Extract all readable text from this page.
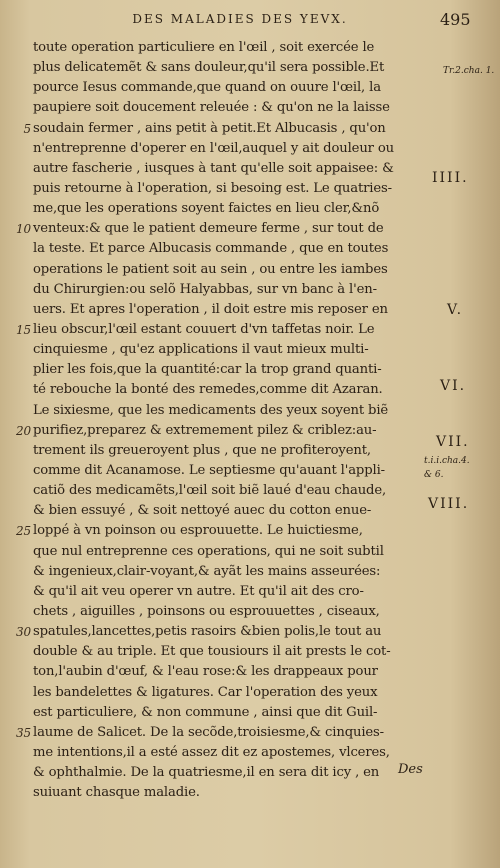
DES MALADIES DES YEVX.	495
toute operation particuliere en l'œil , soit exercée le
plus delicatemẽt & sans douleur,qu'il sera possible.Et
pource Iesus commande,que quand on ouure l'œil, la
paupiere soit doucement releuée : & qu'on ne la laisse
5 soudain fermer , ains petit à petit.Et Albucasis , qu'on
n'entreprenne d'operer en l'œil,auquel y ait douleur ou
autre fascherie , iusques à tant qu'elle soit appaisee: &
puis retourne à l'operation, si besoing est. Le quatries-
me,que les operations soyent faictes en lieu cler,&nõ
10 venteux:& que le patient demeure ferme , sur tout de
la teste. Et parce Albucasis commande , que en toutes
operations le patient soit au sein , ou entre les iambes
du Chirurgien:ou selõ Halyabbas, sur vn banc à l'en-
uers. Et apres l'operation , il doit estre mis reposer en
15 lieu obscur,l'œil estant couuert d'vn taffetas noir. Le
cinquiesme , qu'ez applications il vaut mieux multi-
plier les fois,que la quantité:car la trop grand quanti-
té rebouche la bonté des remedes,comme dit Azaran.
Le sixiesme, que les medicaments des yeux soyent biẽ
20 purifiez,preparez & extremement pilez & criblez:au-
trement ils greueroyent plus , que ne profiteroyent,
comme dit Acanamose. Le septiesme qu'auant l'appli-
catiõ des medicamẽts,l'œil soit biẽ laué d'eau chaude,
& bien essuyé , & soit nettoyé auec du cotton enue-
25 loppé à vn poinson ou esprouuette. Le huictiesme,
que nul entreprenne ces operations, qui ne soit subtil
& ingenieux,clair-voyant,& ayãt les mains asseurées:
& qu'il ait veu operer vn autre. Et qu'il ait des cro-
chets , aiguilles , poinsons ou esprouuettes , ciseaux,
30 spatules,lancettes,petis rasoirs &bien polis,le tout au
double & au triple. Et que tousiours il ait prests le cot-
ton,l'aubin d'œuf, & l'eau rose:& les drappeaux pour
les bandelettes & ligatures. Car l'operation des yeux
est particuliere, & non commune , ainsi que dit Guil-
35 laume de Salicet. De la secõde,troisiesme,& cinquies-
me intentions,il a esté assez dit ez apostemes, vlceres,
& ophthalmie. De la quatriesme,il en sera dit icy , en
suiuant chasque maladie.
Tr.2.cha. 1.
IIII.
V.
VI.
VII.
t.i.i.cha.4.
& 6.
VIII.
Des
